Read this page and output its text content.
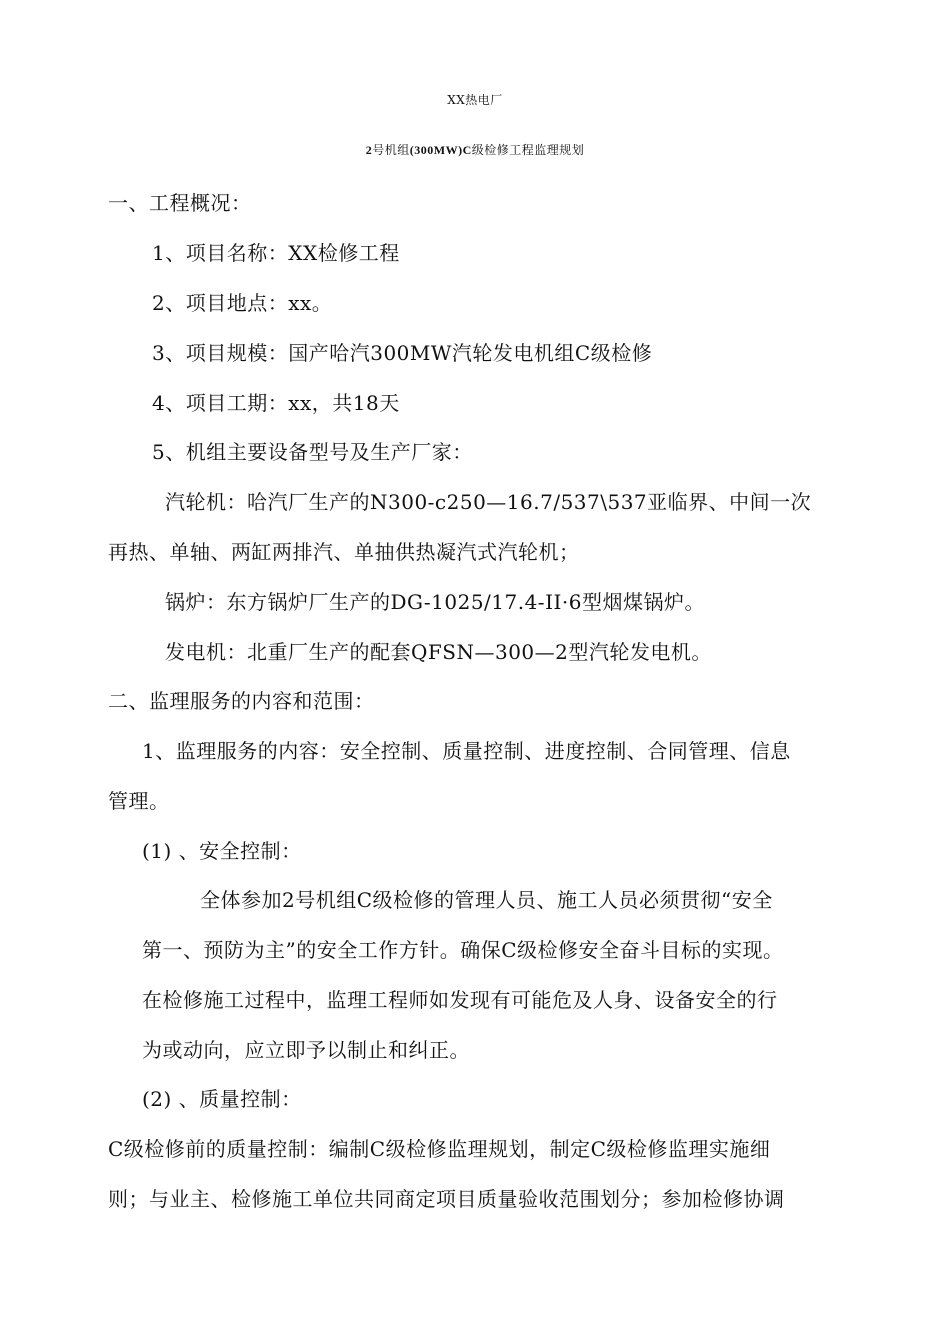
XX热电厂
2号机组(300MW)C级检修工程监理规划
一、工程概况：
1、项目名称：XX检修工程
2、项目地点：xx。
3、项目规模：国产哈汽300MW汽轮发电机组C级检修
4、项目工期：xx，共18天
5、机组主要设备型号及生产厂家：
汽轮机：哈汽厂生产的N300-c250—16.7/537\537亚临界、中间一次
再热、单轴、两缸两排汽、单抽供热凝汽式汽轮机；
锅炉：东方锅炉厂生产的DG-1025/17.4-II·6型烟煤锅炉。
发电机：北重厂生产的配套QFSN—300—2型汽轮发电机。
二、监理服务的内容和范围：
1、监理服务的内容：安全控制、质量控制、进度控制、合同管理、信息
管理。
(1) 、安全控制：
全体参加2号机组C级检修的管理人员、施工人员必须贯彻“安全
第一、预防为主”的安全工作方针。确保C级检修安全奋斗目标的实现。
在检修施工过程中，监理工程师如发现有可能危及人身、设备安全的行
为或动向，应立即予以制止和纠正。
(2) 、质量控制：
C级检修前的质量控制：编制C级检修监理规划，制定C级检修监理实施细
则；与业主、检修施工单位共同商定项目质量验收范围划分；参加检修协调
